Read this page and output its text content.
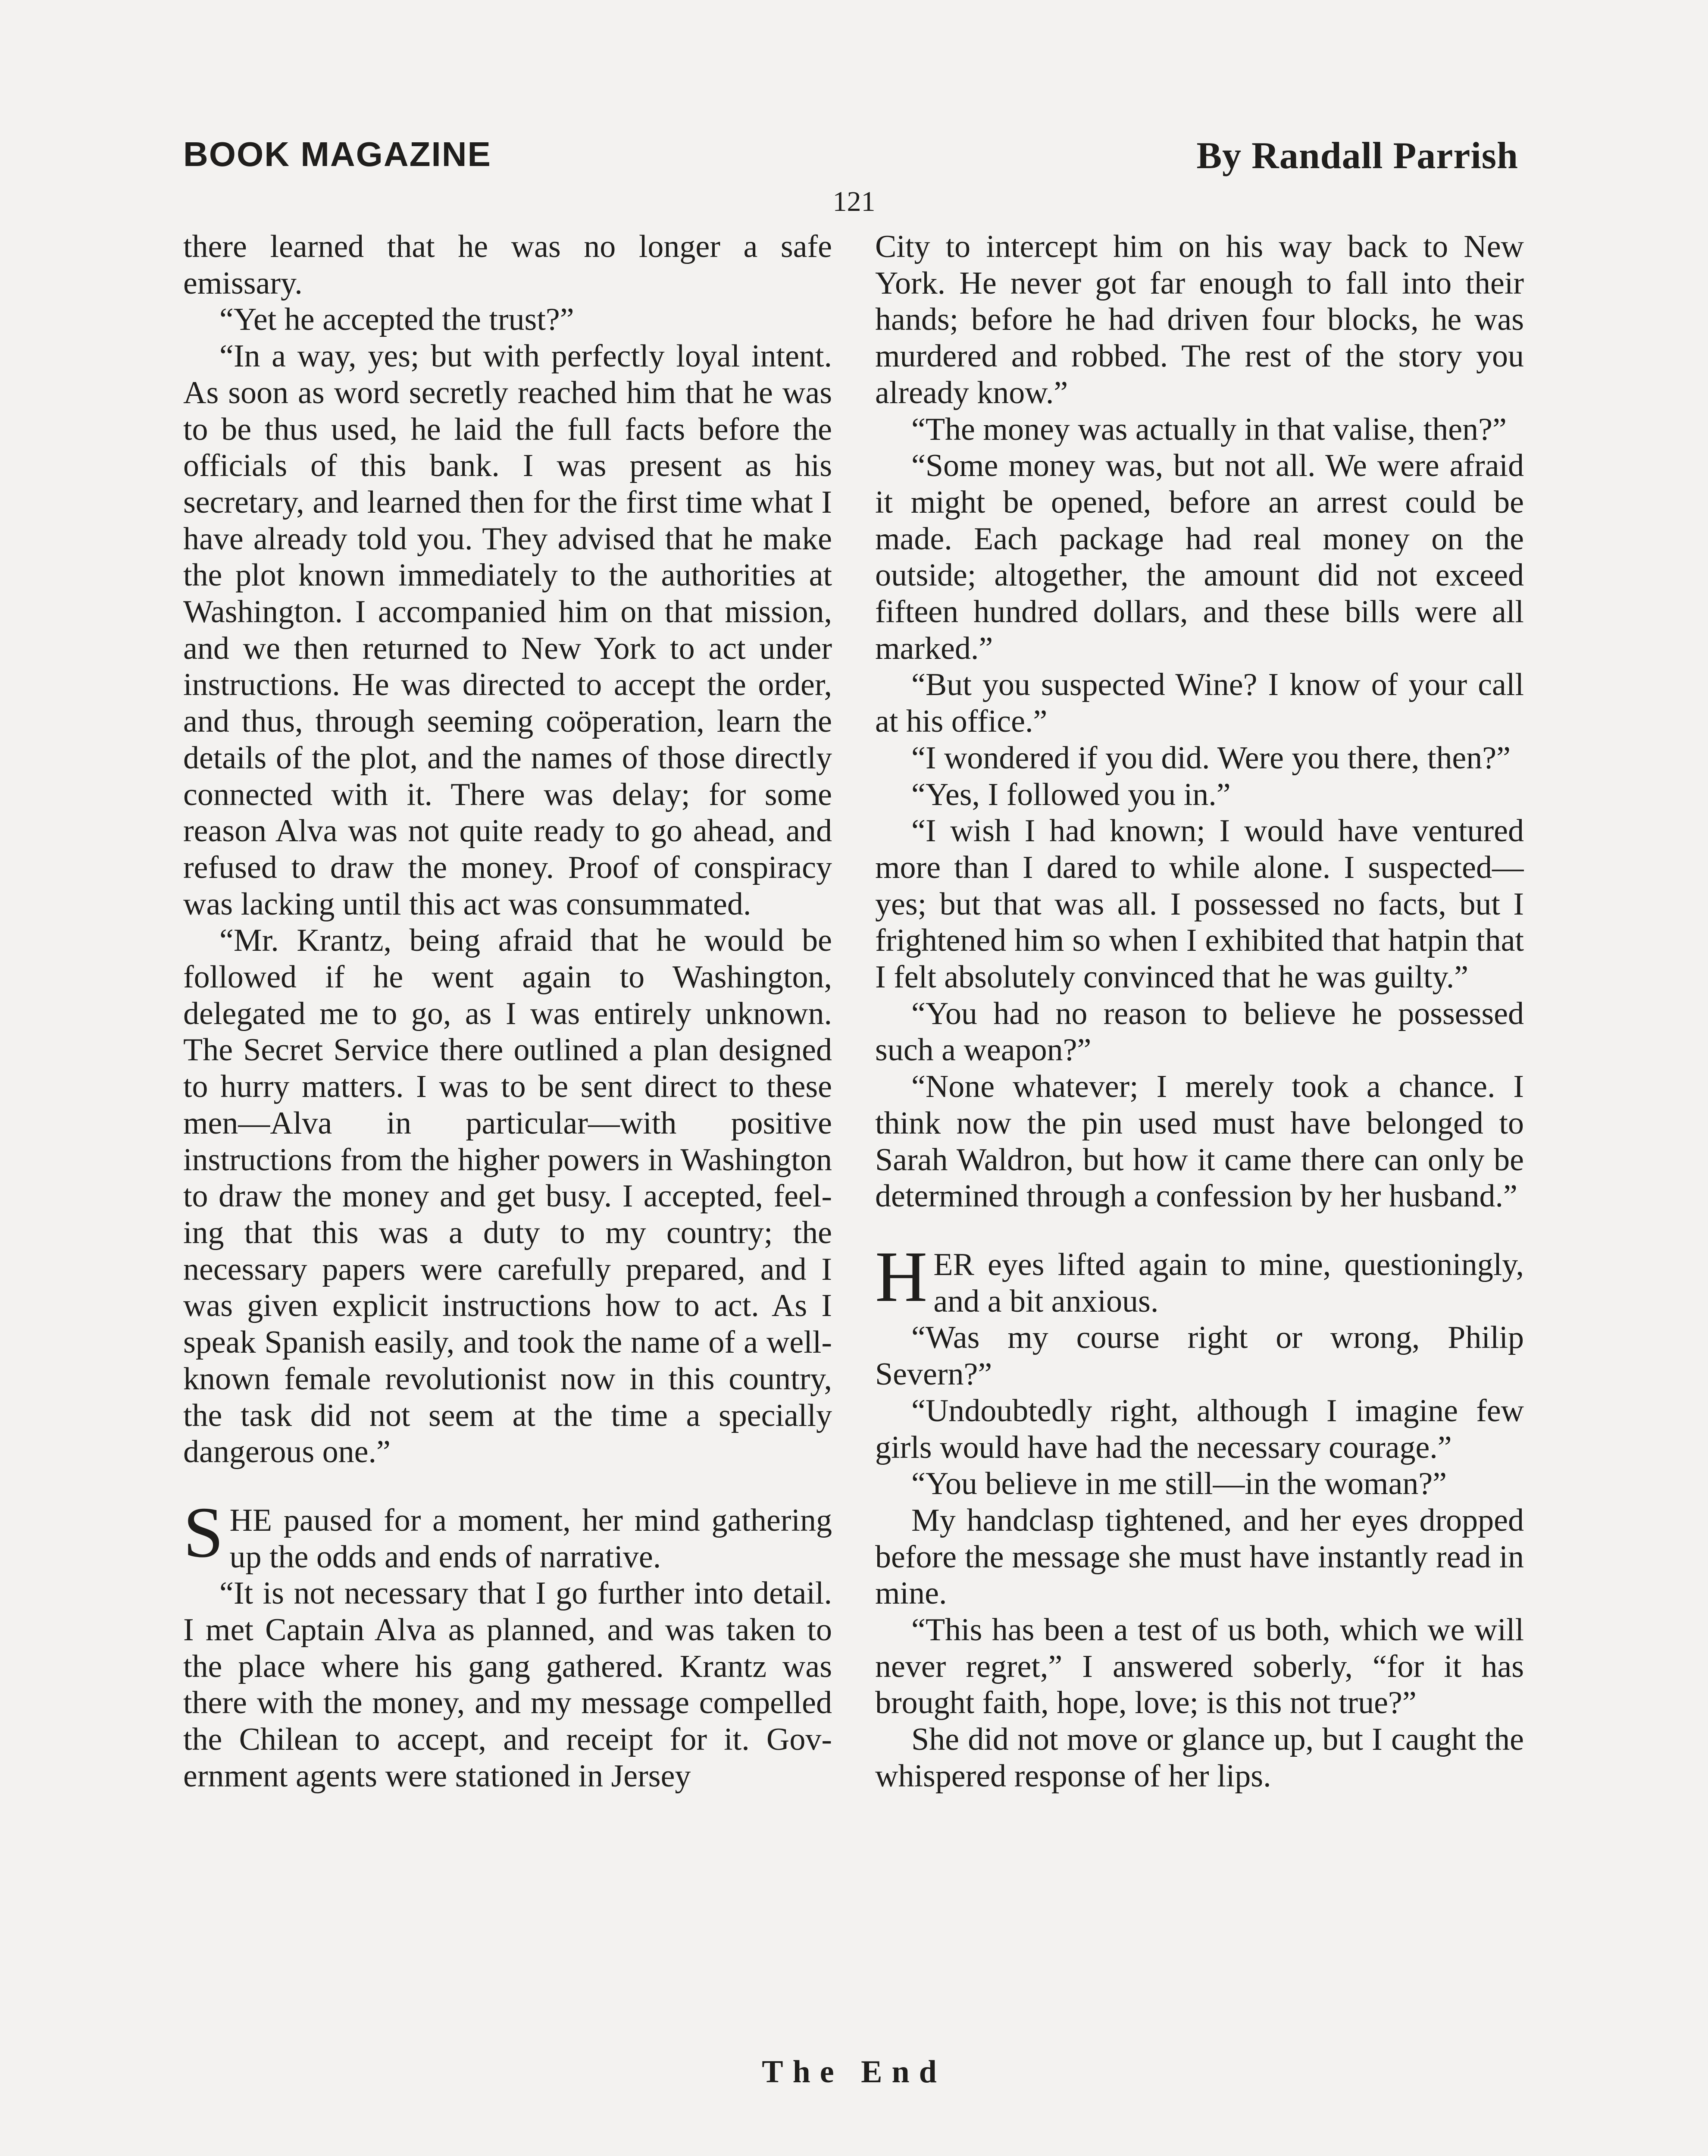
BOOK MAGAZINE	By Randall Parrish
121

there learned that he was no longer a safe emissary.

“Yet he accepted the trust?”

“In a way, yes; but with perfectly loyal intent. As soon as word secretly reached him that he was to be thus used, he laid the full facts before the officials of this bank. I was present as his secretary, and learned then for the first time what I have already told you. They advised that he make the plot known immediately to the authorities at Washington. I accompanied him on that mission, and we then returned to New York to act under instructions. He was directed to accept the order, and thus, through seeming coöperation, learn the details of the plot, and the names of those directly connected with it. There was delay; for some reason Alva was not quite ready to go ahead, and refused to draw the money. Proof of conspiracy was lacking until this act was consummated.

“Mr. Krantz, being afraid that he would be followed if he went again to Washington, delegated me to go, as I was entirely unknown. The Secret Service there outlined a plan designed to hurry matters. I was to be sent direct to these men—Alva in particular—with positive instructions from the higher powers in Washington to draw the money and get busy. I accepted, feeling that this was a duty to my country; the necessary papers were carefully prepared, and I was given explicit instructions how to act. As I speak Spanish easily, and took the name of a well-known female revolutionist now in this country, the task did not seem at the time a specially dangerous one.”

SHE paused for a moment, her mind gathering up the odds and ends of narrative.

“It is not necessary that I go further into detail. I met Captain Alva as planned, and was taken to the place where his gang gathered. Krantz was there with the money, and my message compelled the Chilean to accept, and receipt for it. Government agents were stationed in Jersey

City to intercept him on his way back to New York. He never got far enough to fall into their hands; before he had driven four blocks, he was murdered and robbed. The rest of the story you already know.”

“The money was actually in that valise, then?”

“Some money was, but not all. We were afraid it might be opened, before an arrest could be made. Each package had real money on the outside; altogether, the amount did not exceed fifteen hundred dollars, and these bills were all marked.”

“But you suspected Wine? I know of your call at his office.”

“I wondered if you did. Were you there, then?”

“Yes, I followed you in.”

“I wish I had known; I would have ventured more than I dared to while alone. I suspected—yes; but that was all. I possessed no facts, but I frightened him so when I exhibited that hatpin that I felt absolutely convinced that he was guilty.”

“You had no reason to believe he possessed such a weapon?”

“None whatever; I merely took a chance. I think now the pin used must have belonged to Sarah Waldron, but how it came there can only be determined through a confession by her husband.”

HER eyes lifted again to mine, questioningly, and a bit anxious.

“Was my course right or wrong, Philip Severn?”

“Undoubtedly right, although I imagine few girls would have had the necessary courage.”

“You believe in me still—in the woman?”

My handclasp tightened, and her eyes dropped before the message she must have instantly read in mine.

“This has been a test of us both, which we will never regret,” I answered soberly, “for it has brought faith, hope, love; is this not true?”

She did not move or glance up, but I caught the whispered response of her lips.

The End
